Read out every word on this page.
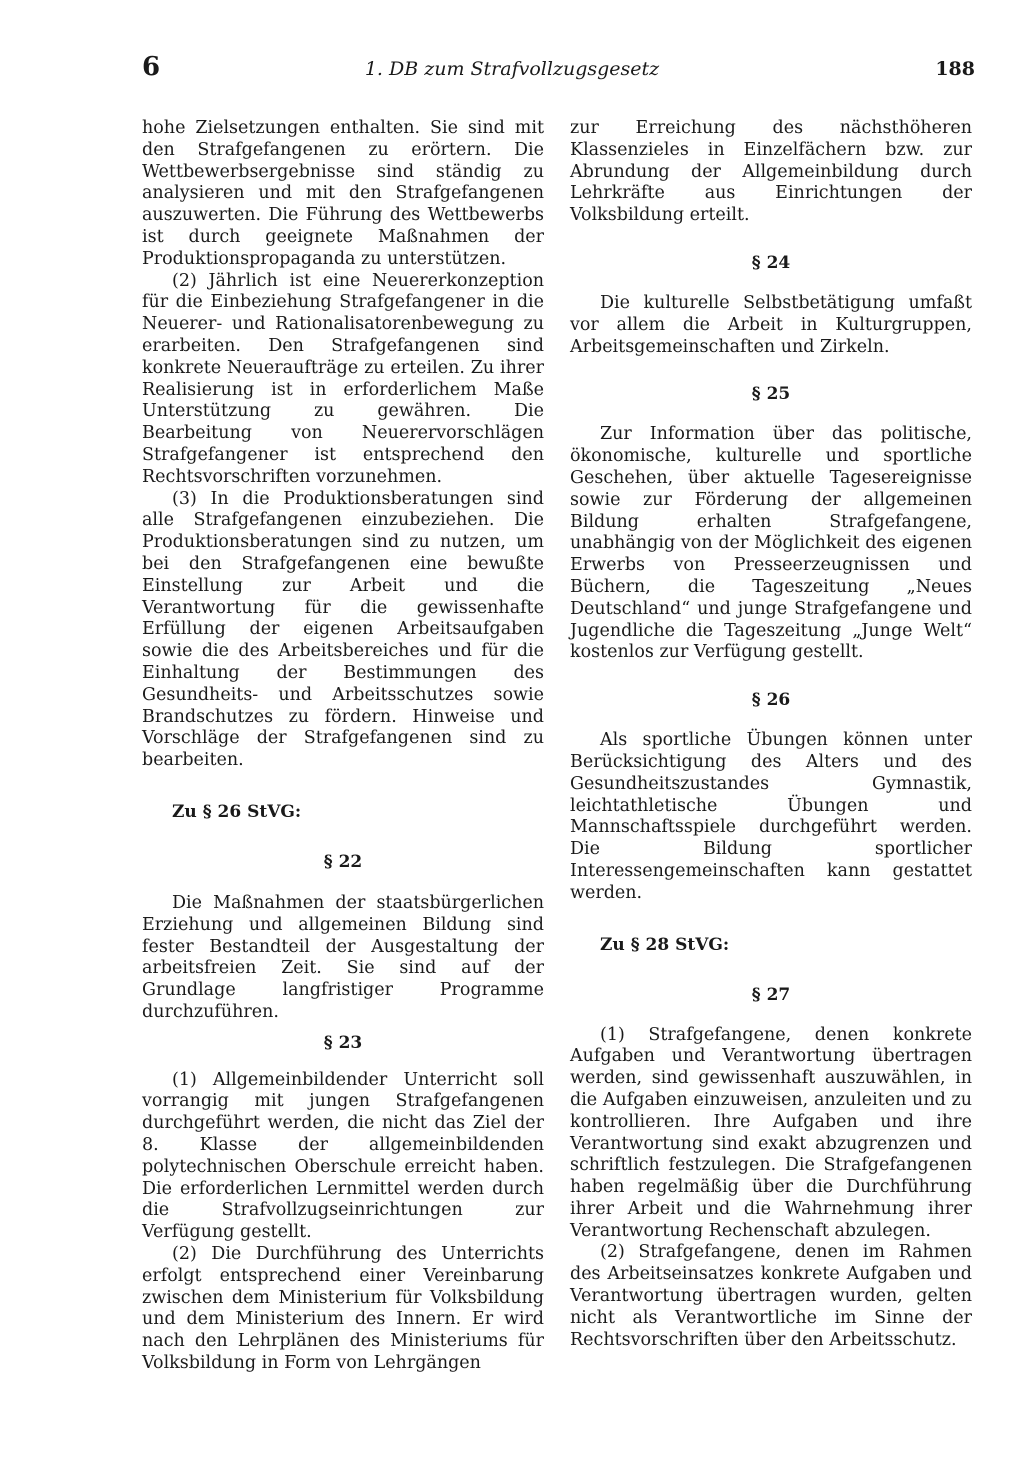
6	1. DB zum Strafvollzugsgesetz	188

hohe Zielsetzungen enthalten. Sie sind mit den Strafgefangenen zu erörtern. Die Wettbewerbsergebnisse sind ständig zu analysieren und mit den Strafgefangenen auszuwerten. Die Führung des Wettbewerbs ist durch geeignete Maßnahmen der Produktionspropaganda zu unterstützen.

(2) Jährlich ist eine Neuererkonzeption für die Einbeziehung Strafgefangener in die Neuerer- und Rationalisatorenbewegung zu erarbeiten. Den Strafgefangenen sind konkrete Neueraufträge zu erteilen. Zu ihrer Realisierung ist in erforderlichem Maße Unterstützung zu gewähren. Die Bearbeitung von Neuerervorschlägen Strafgefangener ist entsprechend den Rechtsvorschriften vorzunehmen.

(3) In die Produktionsberatungen sind alle Strafgefangenen einzubeziehen. Die Produktionsberatungen sind zu nutzen, um bei den Strafgefangenen eine bewußte Einstellung zur Arbeit und die Verantwortung für die gewissenhafte Erfüllung der eigenen Arbeitsaufgaben sowie die des Arbeitsbereiches und für die Einhaltung der Bestimmungen des Gesundheits- und Arbeitsschutzes sowie Brandschutzes zu fördern. Hinweise und Vorschläge der Strafgefangenen sind zu bearbeiten.

Zu § 26 StVG:
§ 22

Die Maßnahmen der staatsbürgerlichen Erziehung und allgemeinen Bildung sind fester Bestandteil der Ausgestaltung der arbeitsfreien Zeit. Sie sind auf der Grundlage langfristiger Programme durchzuführen.

§ 23

(1) Allgemeinbildender Unterricht soll vorrangig mit jungen Strafgefangenen durchgeführt werden, die nicht das Ziel der 8. Klasse der allgemeinbildenden polytechnischen Oberschule erreicht haben. Die erforderlichen Lernmittel werden durch die Strafvollzugseinrichtungen zur Verfügung gestellt.

(2) Die Durchführung des Unterrichts erfolgt entsprechend einer Vereinbarung zwischen dem Ministerium für Volksbildung und dem Ministerium des Innern. Er wird nach den Lehrplänen des Ministeriums für Volksbildung in Form von Lehrgängen

zur Erreichung des nächsthöheren Klassenzieles in Einzelfächern bzw. zur Abrundung der Allgemeinbildung durch Lehrkräfte aus Einrichtungen der Volksbildung erteilt.

§ 24

Die kulturelle Selbstbetätigung umfaßt vor allem die Arbeit in Kulturgruppen, Arbeitsgemeinschaften und Zirkeln.

§ 25

Zur Information über das politische, ökonomische, kulturelle und sportliche Geschehen, über aktuelle Tagesereignisse sowie zur Förderung der allgemeinen Bildung erhalten Strafgefangene, unabhängig von der Möglichkeit des eigenen Erwerbs von Presseerzeugnissen und Büchern, die Tageszeitung „Neues Deutschland“ und junge Strafgefangene und Jugendliche die Tageszeitung „Junge Welt“ kostenlos zur Verfügung gestellt.

§ 26

Als sportliche Übungen können unter Berücksichtigung des Alters und des Gesundheitszustandes Gymnastik, leichtathletische Übungen und Mannschaftsspiele durchgeführt werden. Die Bildung sportlicher Interessengemeinschaften kann gestattet werden.

Zu § 28 StVG:
§ 27

(1) Strafgefangene, denen konkrete Aufgaben und Verantwortung übertragen werden, sind gewissenhaft auszuwählen, in die Aufgaben einzuweisen, anzuleiten und zu kontrollieren. Ihre Aufgaben und ihre Verantwortung sind exakt abzugrenzen und schriftlich festzulegen. Die Strafgefangenen haben regelmäßig über die Durchführung ihrer Arbeit und die Wahrnehmung ihrer Verantwortung Rechenschaft abzulegen.

(2) Strafgefangene, denen im Rahmen des Arbeitseinsatzes konkrete Aufgaben und Verantwortung übertragen wurden, gelten nicht als Verantwortliche im Sinne der Rechtsvorschriften über den Arbeitsschutz.
